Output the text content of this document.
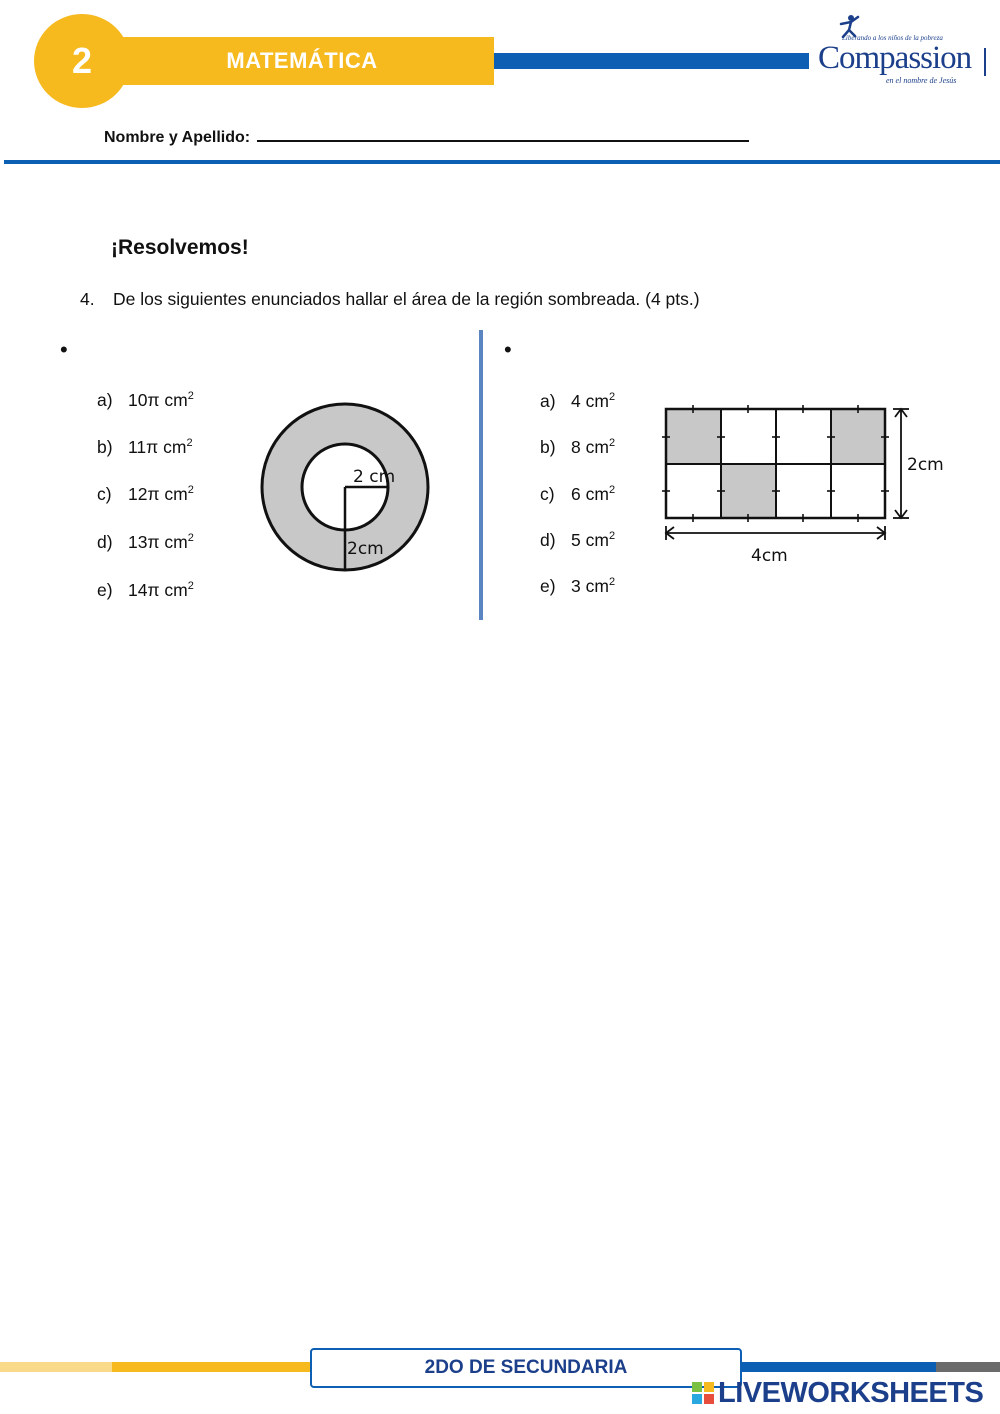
2	MATEMÁTICA
Liberando a los niños de la pobreza
Compassion
en el nombre de Jesús
Nombre y Apellido:
¡Resolvemos!
4. De los siguientes enunciados hallar el área de la región sombreada. (4 pts.)
•
a) 10π $cm^2$
b) 11π $cm^2$
c) 12π $cm^2$
d) 13π $cm^2$
e) 14π $cm^2$
2 cm
2cm
•
a) 4 $cm^2$
b) 8 $cm^2$
c) 6 $cm^2$
d) 5 $cm^2$
e) 3 $cm^2$
2cm
4cm
2DO DE SECUNDARIA
LIVEWORKSHEETS
